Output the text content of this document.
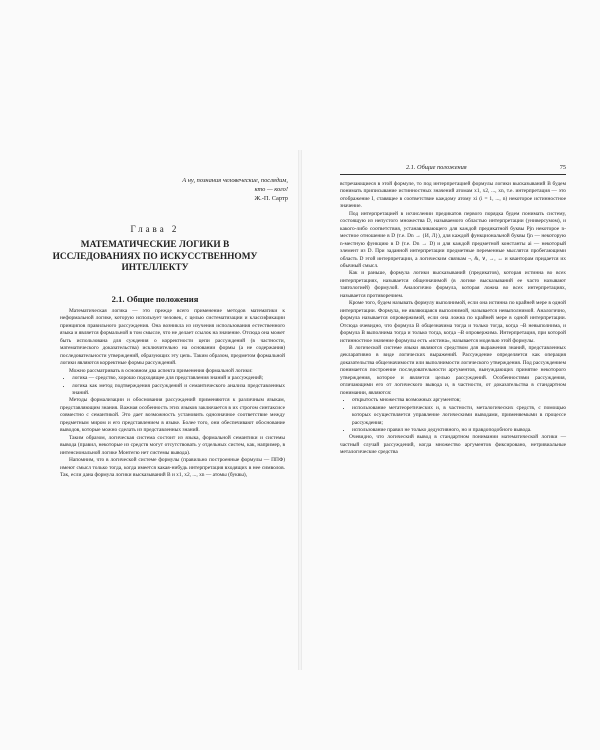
А ну, познания человеческие, послядим, кто — кого!
Ж.-П. Сартр
Глава 2
МАТЕМАТИЧЕСКИЕ ЛОГИКИ В ИССЛЕДОВАНИЯХ ПО ИСКУССТВЕННОМУ ИНТЕЛЛЕКТУ
2.1. Общие положения

Математическая логика — это прежде всего применение методов математики к неформальной логике, которую использует человек, с целью систематизации и классификации принципов правильного рассуждения. Она возникла из изучения использования естественного языка и является формальной в том смысле, что не делает ссылок на значение. Отсюда она может быть использована для суждения о корректности цепи рассуждений (в частности, математического доказательства) исключительно на основании формы (а не содержания) последовательности утверждений, образующих эту цепь. Таким образом, предметом формальной логики являются корректные формы рассуждений.

Можно рассматривать в основном два аспекта применения формальной логики:

• логика — средство, хорошо подходящее для представления знаний и рассуждений;
• логика как метод подтверждения рассуждений и семантического анализа представленных знаний.

Методы формализации и обоснования рассуждений применяются к различным языкам, представляющим знания. Важная особенность этих языков заключается в их строгом синтаксисе совместно с семантикой. Это дает возможность установить однозначное соответствие между предметным миром и его представлением в языке. Более того, они обеспечивают обоснование выводов, которые можно сделать из представленных знаний.

Таким образом, логическая система состоит из языка, формальной семантики и системы вывода (правил, некоторые из средств могут отсутствовать у отдельных систем, как, например, в интенсиональной логике Монтегю нет системы вывода).

Напомним, что в логической системе формулы (правильно построенные формулы — ППФ) имеют смысл только тогда, когда имеется какая-нибудь интерпретация входящих в нее символов. Так, если дана формула логики высказываний B и x1, x2, ..., xn — атомы (буквы),

2.1. Общие положения	75

встречающиеся в этой формуле, то под интерпретацией формулы логики высказываний B будем понимать приписывание истинностных значений атомам x1, x2, ..., xn, т.е. интерпретация — это отображение I, ставящее в соответствие каждому атому xi (i = 1, ..., n) некоторое истинностное значение.

Под интерпретацией в исчислении предикатов первого порядка будем понимать систему, состоящую из непустого множества D, называемого областью интерпретации (универсумом), и какого-либо соответствия, устанавливающего для каждой предикатной буквы Pjn некоторое n-местное отношение в D (т.е. Dn → {И, Л}), для каждой функциональной буквы fjn — некоторую n-местную функцию в D (т.е. Dn → D) и для каждой предметной константы ai — некоторый элемент из D. При заданной интерпретации предметные переменные мыслятся пробегающими область D этой интерпретации, а логическим связкам ¬, &, ∨, →, ↔ и кванторам придается их обычный смысл.

Как и раньше, формула логики высказываний (предикатов), которая истинна во всех интерпретациях, называется общезначимой (в логике высказываний ее часто называют тавтологией) формулой. Аналогично формула, которая ложна во всех интерпретациях, называется противоречием.

Кроме того, будем называть формулу выполнимой, если она истинна по крайней мере в одной интерпретации. Формула, не являющаяся выполнимой, называется невыполнимой. Аналогично, формула называется опровержимой, если она ложна по крайней мере в одной интерпретации. Отсюда очевидно, что формула B общезначима тогда и только тогда, когда ¬B невыполнима, и формула B выполнима тогда и только тогда, когда ¬B опровержима. Интерпретация, при которой истинностное значение формулы есть «истина», называется моделью этой формулы.

В логической системе языки являются средством для выражения знаний, представленных декларативно в виде логических выражений. Рассуждение определяется как операция доказательства общезначимости или выполнимости логического утверждения. Под рассуждением понимается построение последовательности аргументов, вынуждающих принятие некоторого утверждения, которое и является целью рассуждений. Особенностями рассуждения, отличающими его от логического вывода и, в частности, от доказательства в стандартном понимании, являются:

• открытость множества возможных аргументов;
• использование метатеоретических и, в частности, металогических средств, с помощью которых осуществляется управление логическими выводами, применяемыми в процессе рассуждения;
• использование правил не только дедуктивного, но и правдоподобного вывода.

Очевидно, что логический вывод в стандартном понимании математической логики — частный случай рассуждений, когда множество аргументов фиксировано, нетривиальные металогические средства
